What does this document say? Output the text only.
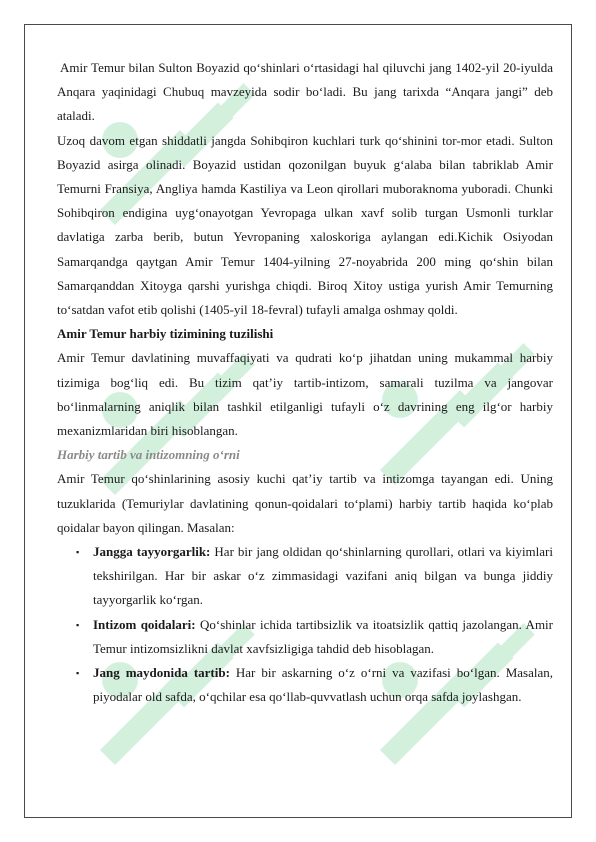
Amir Temur bilan Sulton Boyazid qo‘shinlari o‘rtasidagi hal qiluvchi jang 1402-yil 20-iyulda Anqara yaqinidagi Chubuq mavzeyida sodir bo‘ladi. Bu jang tarixda “Anqara jangi” deb ataladi.

Uzoq davom etgan shiddatli jangda Sohibqiron kuchlari turk qo‘shinini tor-mor etadi. Sulton Boyazid asirga olinadi. Boyazid ustidan qozonilgan buyuk g‘alaba bilan tabriklab Amir Temurni Fransiya, Angliya hamda Kastiliya va Leon qirollari muboraknoma yuboradi. Chunki Sohibqiron endigina uyg‘onayotgan Yevropaga ulkan xavf solib turgan Usmonli turklar davlatiga zarba berib, butun Yevropaning xaloskoriga aylangan edi.Kichik Osiyodan Samarqandga qaytgan Amir Temur 1404-yilning 27-noyabrida 200 ming qo‘shin bilan Samarqanddan Xitoyga qarshi yurishga chiqdi. Biroq Xitoy ustiga yurish Amir Temurning to‘satdan vafot etib qolishi (1405-yil 18-fevral) tufayli amalga oshmay qoldi.

Amir Temur harbiy tizimining tuzilishi

Amir Temur davlatining muvaffaqiyati va qudrati ko‘p jihatdan uning mukammal harbiy tizimiga bog‘liq edi. Bu tizim qat’iy tartib-intizom, samarali tuzilma va jangovar bo‘linmalarning aniqlik bilan tashkil etilganligi tufayli o‘z davrining eng ilg‘or harbiy mexanizmlaridan biri hisoblangan.

Harbiy tartib va intizomning o‘rni

Amir Temur qo‘shinlarining asosiy kuchi qat’iy tartib va intizomga tayangan edi. Uning tuzuklarida (Temuriylar davlatining qonun-qoidalari to‘plami) harbiy tartib haqida ko‘plab qoidalar bayon qilingan. Masalan:

▪ Jangga tayyorgarlik: Har bir jang oldidan qo‘shinlarning qurollari, otlari va kiyimlari tekshirilgan. Har bir askar o‘z zimmasidagi vazifani aniq bilgan va bunga jiddiy tayyorgarlik ko‘rgan.
▪ Intizom qoidalari: Qo‘shinlar ichida tartibsizlik va itoatsizlik qattiq jazolangan. Amir Temur intizomsizlikni davlat xavfsizligiga tahdid deb hisoblagan.
▪ Jang maydonida tartib: Har bir askarning o‘z o‘rni va vazifasi bo‘lgan. Masalan, piyodalar old safda, o‘qchilar esa qo‘llab-quvvatlash uchun orqa safda joylashgan.
